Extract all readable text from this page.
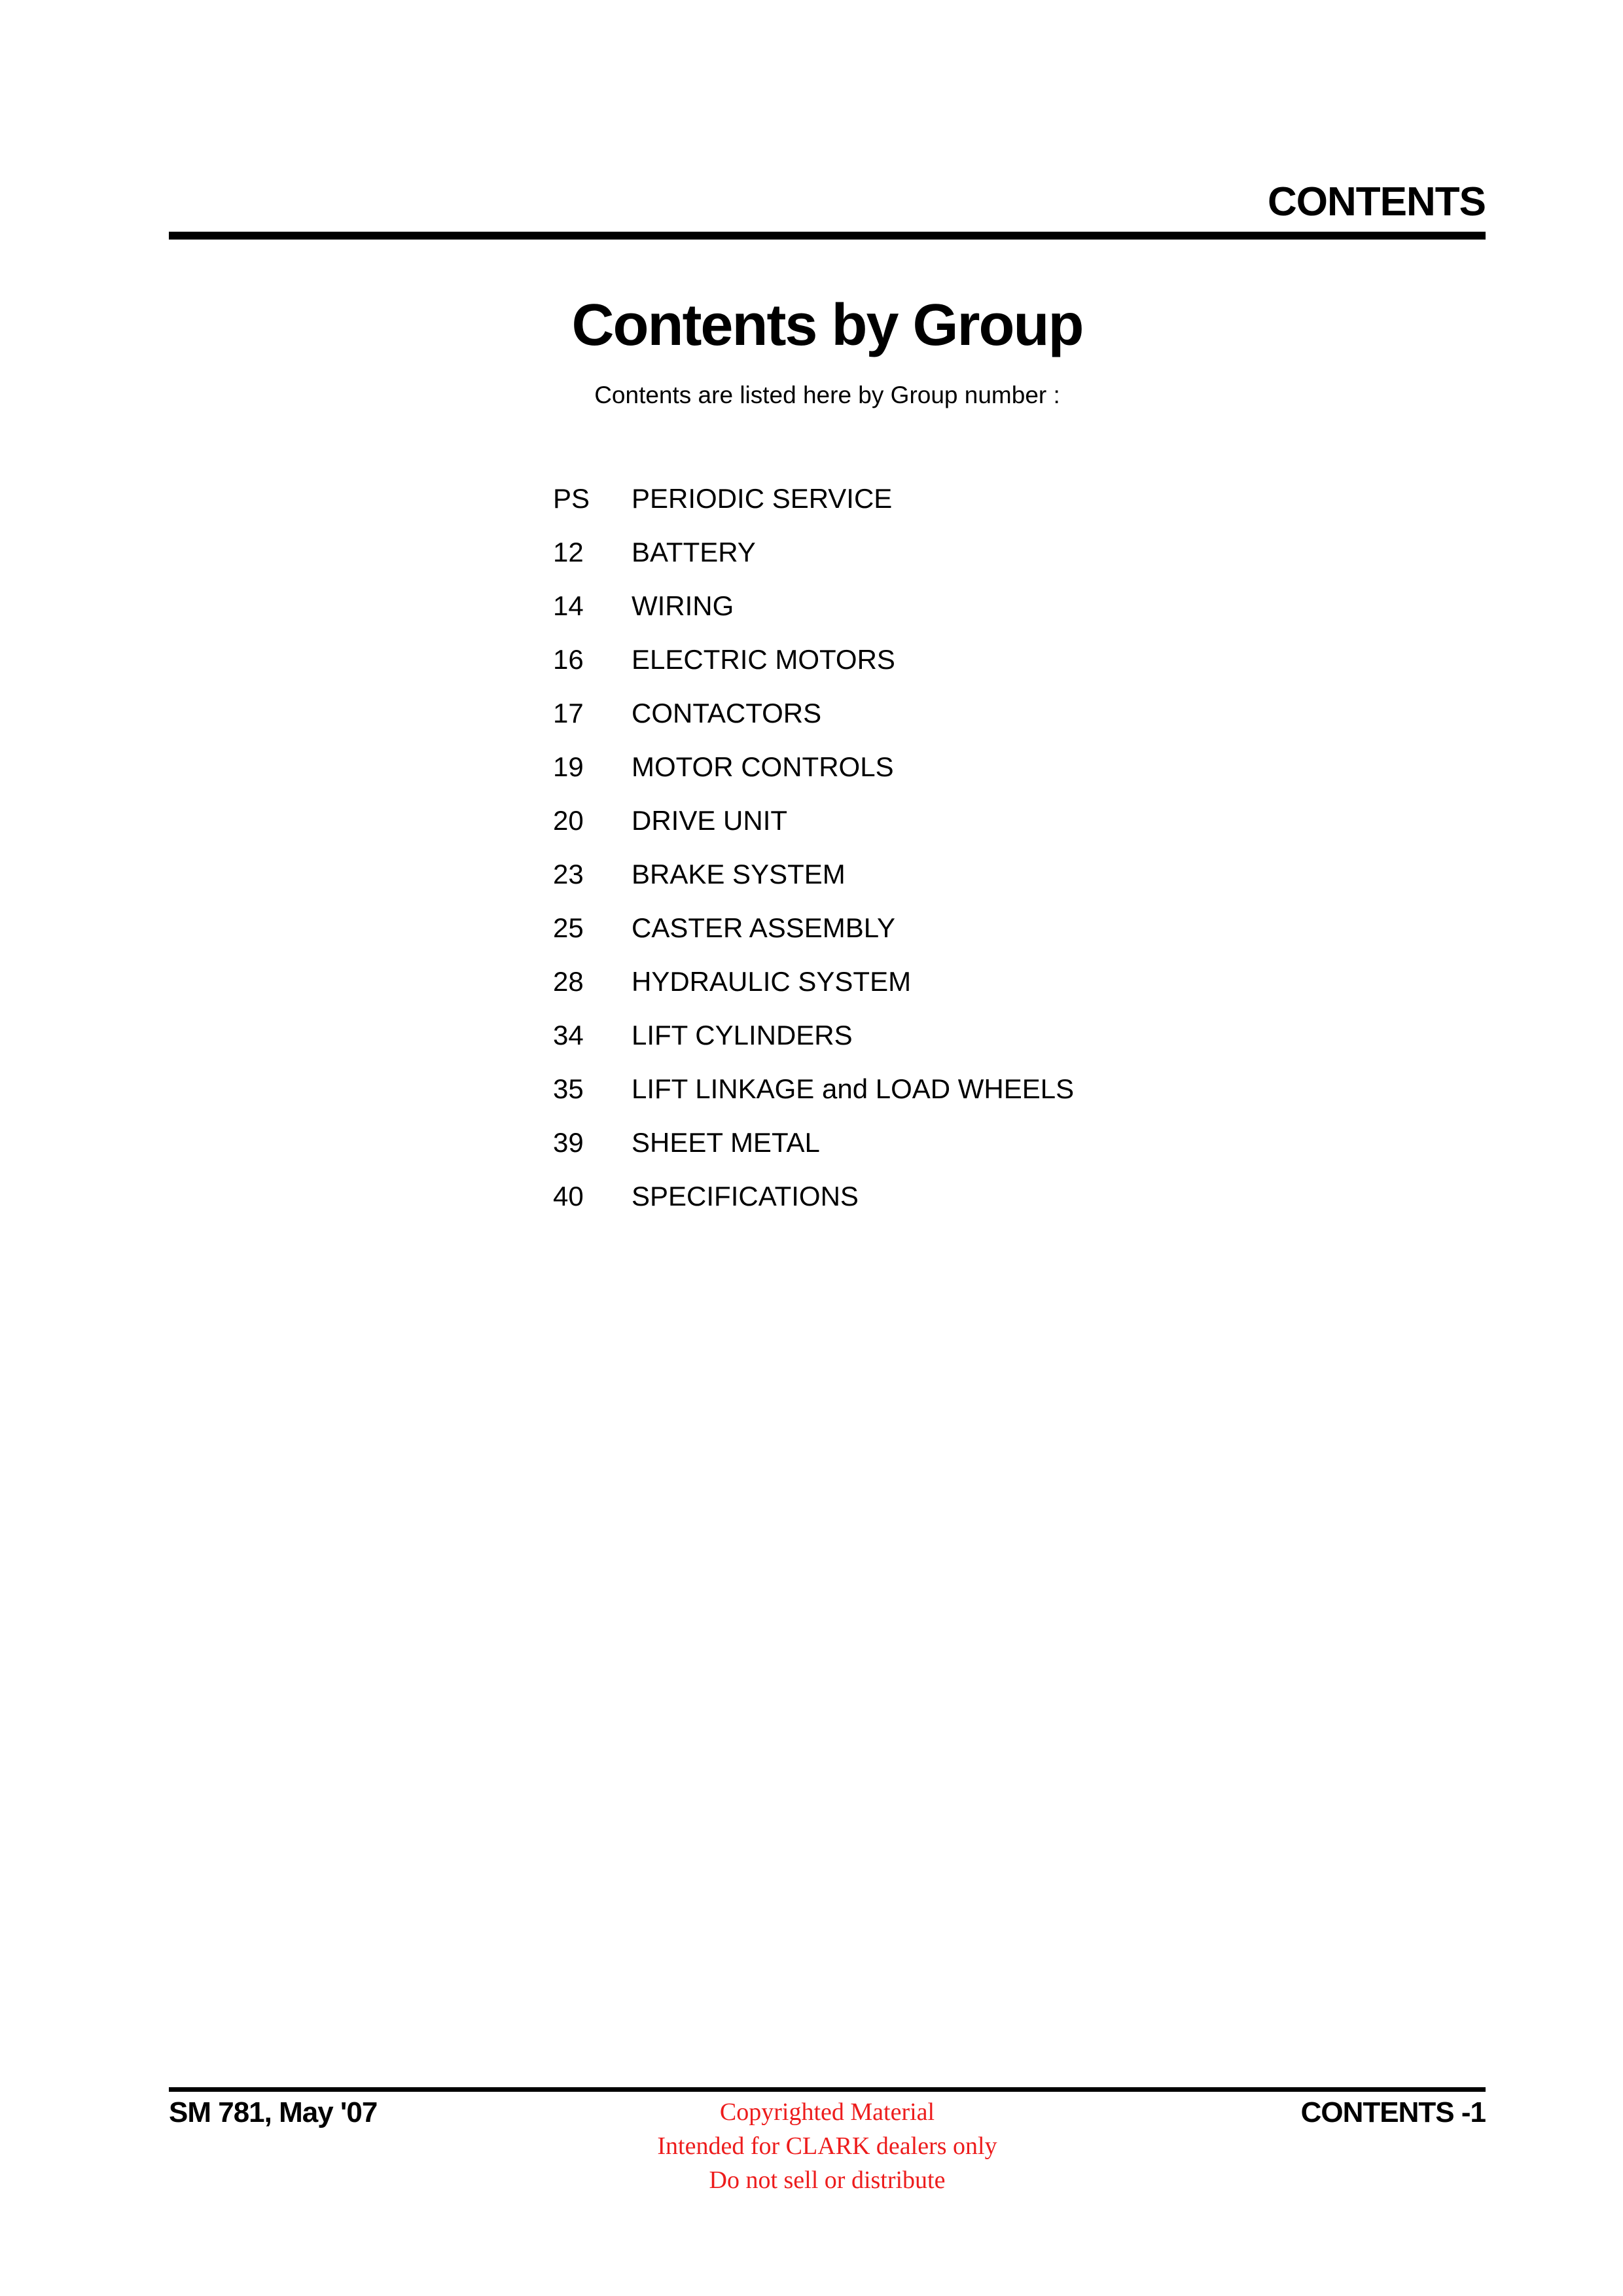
CONTENTS
Contents by Group
Contents are listed here by Group number :
PS	PERIODIC SERVICE
12	BATTERY
14	WIRING
16	ELECTRIC MOTORS
17	CONTACTORS
19	MOTOR CONTROLS
20	DRIVE UNIT
23	BRAKE SYSTEM
25	CASTER ASSEMBLY
28	HYDRAULIC SYSTEM
34	LIFT CYLINDERS
35	LIFT LINKAGE and LOAD WHEELS
39	SHEET METAL
40	SPECIFICATIONS
SM 781, May '07	Copyrighted Material
Intended for CLARK dealers only
Do not sell or distribute
CONTENTS -1
